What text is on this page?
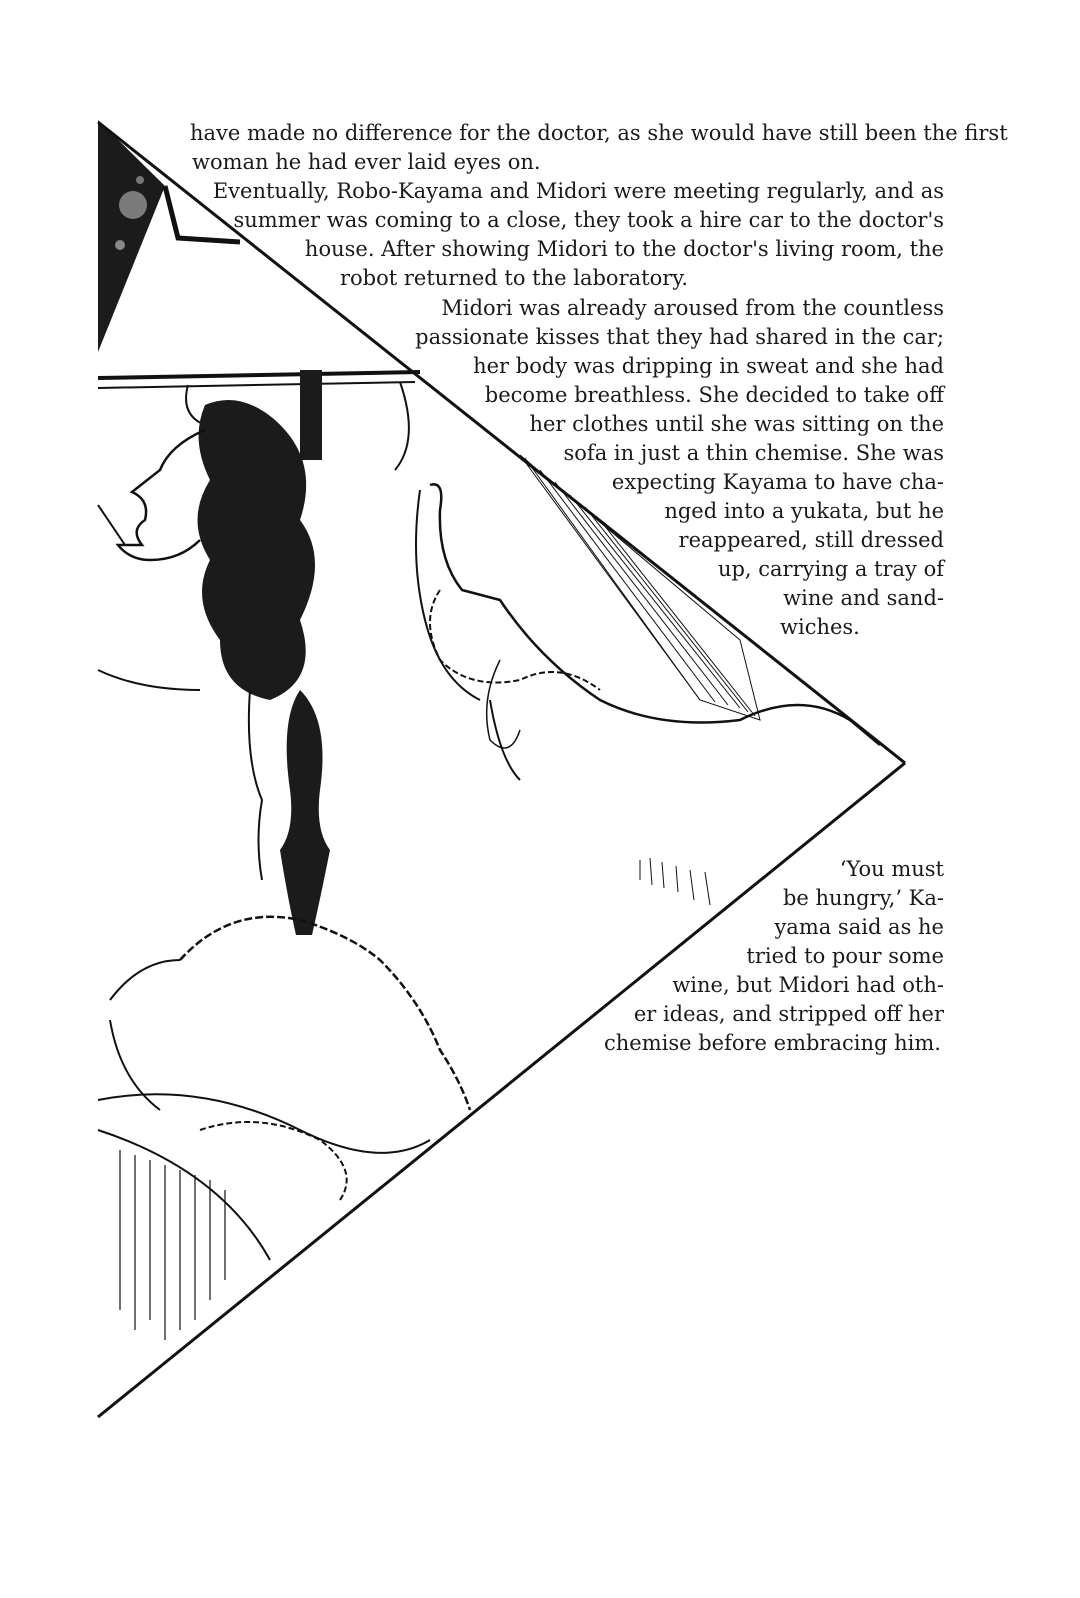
have made no difference for the doctor, as she would have still been the first
woman he had ever laid eyes on.
Eventually, Robo-Kayama and Midori were meeting regularly, and as
summer was coming to a close, they took a hire car to the doctor's
house. After showing Midori to the doctor's living room, the
robot returned to the laboratory.
Midori was already aroused from the countless
passionate kisses that they had shared in the car;
her body was dripping in sweat and she had
become breathless. She decided to take off
her clothes until she was sitting on the
sofa in just a thin chemise. She was
expecting Kayama to have cha-
nged into a yukata, but he
reappeared, still dressed
up, carrying a tray of
wine and sand-
wiches.
‘You must
be hungry,’ Ka-
yama said as he
tried to pour some
wine, but Midori had oth-
er ideas, and stripped off her
chemise before embracing him.
